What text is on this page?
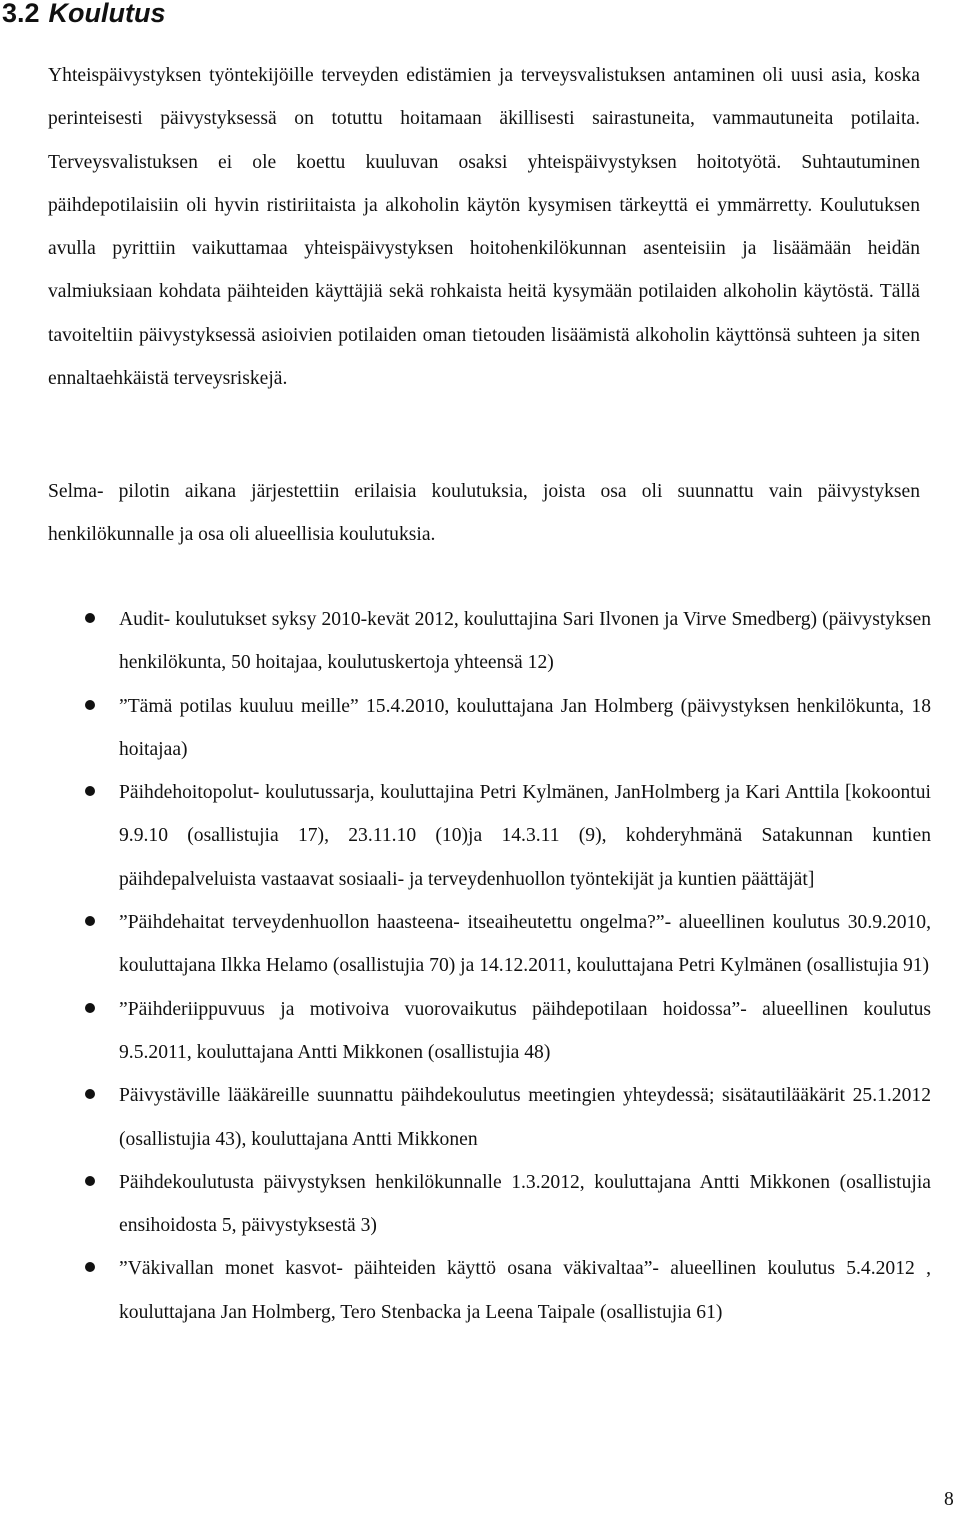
3.2 Koulutus

Yhteispäivystyksen työntekijöille terveyden edistämien ja terveysvalistuksen antaminen oli uusi asia, koska perinteisesti päivystyksessä on totuttu hoitamaan äkillisesti sairastuneita, vammautuneita potilaita. Terveysvalistuksen ei ole koettu kuuluvan osaksi yhteispäivystyksen hoitotyötä. Suhtautuminen päihdepotilaisiin oli hyvin ristiriitaista ja alkoholin käytön kysymisen tärkeyttä ei ymmärretty. Koulutuksen avulla pyrittiin vaikuttamaa yhteispäivystyksen hoitohenkilökunnan asenteisiin ja lisäämään heidän valmiuksiaan kohdata päihteiden käyttäjiä sekä rohkaista heitä kysymään potilaiden alkoholin käytöstä. Tällä tavoiteltiin päivystyksessä asioivien potilaiden oman tietouden lisäämistä alkoholin käyttönsä suhteen ja siten ennaltaehkäistä terveysriskejä.

Selma- pilotin aikana järjestettiin erilaisia koulutuksia, joista osa oli suunnattu vain päivystyksen henkilökunnalle ja osa oli alueellisia koulutuksia.

Audit- koulutukset syksy 2010-kevät 2012, kouluttajina Sari Ilvonen ja Virve Smedberg) (päivystyksen henkilökunta, 50 hoitajaa, koulutuskertoja yhteensä 12)
”Tämä potilas kuuluu meille” 15.4.2010, kouluttajana Jan Holmberg (päivystyksen henkilökunta, 18 hoitajaa)
Päihdehoitopolut- koulutussarja, kouluttajina Petri Kylmänen, JanHolmberg ja Kari Anttila [kokoontui 9.9.10 (osallistujia 17), 23.11.10 (10)ja 14.3.11 (9), kohderyhmänä Satakunnan kuntien päihdepalveluista vastaavat sosiaali- ja terveydenhuollon työntekijät ja kuntien päättäjät]
”Päihdehaitat terveydenhuollon haasteena- itseaiheutettu ongelma?”- alueellinen koulutus 30.9.2010, kouluttajana Ilkka Helamo (osallistujia 70) ja 14.12.2011, kouluttajana Petri Kylmänen (osallistujia 91)
”Päihderiippuvuus ja motivoiva vuorovaikutus päihdepotilaan hoidossa”- alueellinen koulutus 9.5.2011, kouluttajana Antti Mikkonen (osallistujia 48)
Päivystäville lääkäreille suunnattu päihdekoulutus meetingien yhteydessä; sisätautilääkärit 25.1.2012 (osallistujia 43), kouluttajana Antti Mikkonen
Päihdekoulutusta päivystyksen henkilökunnalle 1.3.2012, kouluttajana Antti Mikkonen (osallistujia ensihoidosta 5, päivystyksestä 3)
”Väkivallan monet kasvot- päihteiden käyttö osana väkivaltaa”- alueellinen koulutus 5.4.2012 , kouluttajana Jan Holmberg, Tero Stenbacka ja Leena Taipale (osallistujia 61)
8
